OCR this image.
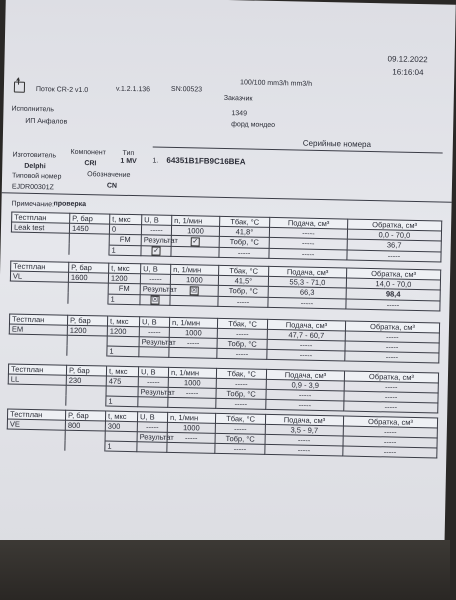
09.12.2022
16:16:04
Поток CR-2 v1.0	v.1.2.1.136	SN:00523
100/100 mm3/h mm3/h
Исполнитель
ИП Анфалов
Заказчик
1349
форд мондео
Серийные номера
Изготовитель
Delphi
Компонент
CRI
Тип
1 MV
Типовой номер
EJDR00301Z
Обозначение
CN
1. 64351B1FB9C16BEA
Примечание: проверка
Тестплан	P, бар	t, мкс	U, B	n, 1/мин	Тбак, °С	Подача, см³	Обратка, см³
Leak test	1450	0	-----	1000	41,8°	-----	0,0 - 70,0
		FM	Результат	✓	Тобр, °С	-----	36,7
		1	✓		-----	-----	-----
Тестплан	P, бар	t, мкс	U, B	n, 1/мин	Тбак, °С	Подача, см³	Обратка, см³
VL	1600	1200	-----	1000	41,5°	55,3 - 71,0	14,0 - 70,0
		FM	Результат	☒	Тобр, °С	66,3	98,4
		1	☒		-----	-----	-----
Тестплан	P, бар	t, мкс	U, B	n, 1/мин	Тбак, °С	Подача, см³	Обратка, см³
EM	1200	1200	-----	1000	-----	47,7 - 60,7	-----
			Результат	-----	Тобр, °С	-----	-----
		1			-----	-----	-----
Тестплан	P, бар	t, мкс	U, B	n, 1/мин	Тбак, °С	Подача, см³	Обратка, см³
LL	230	475	-----	1000	-----	0,9 - 3,9	-----
			Результат	-----	Тобр, °С	-----	-----
		1			-----	-----	-----
Тестплан	P, бар	t, мкс	U, B	n, 1/мин	Тбак, °С	Подача, см³	Обратка, см³
VE	800	300	-----	1000	-----	3,5 - 9,7	-----
			Результат	-----	Тобр, °С	-----	-----
		1			-----	-----	-----
